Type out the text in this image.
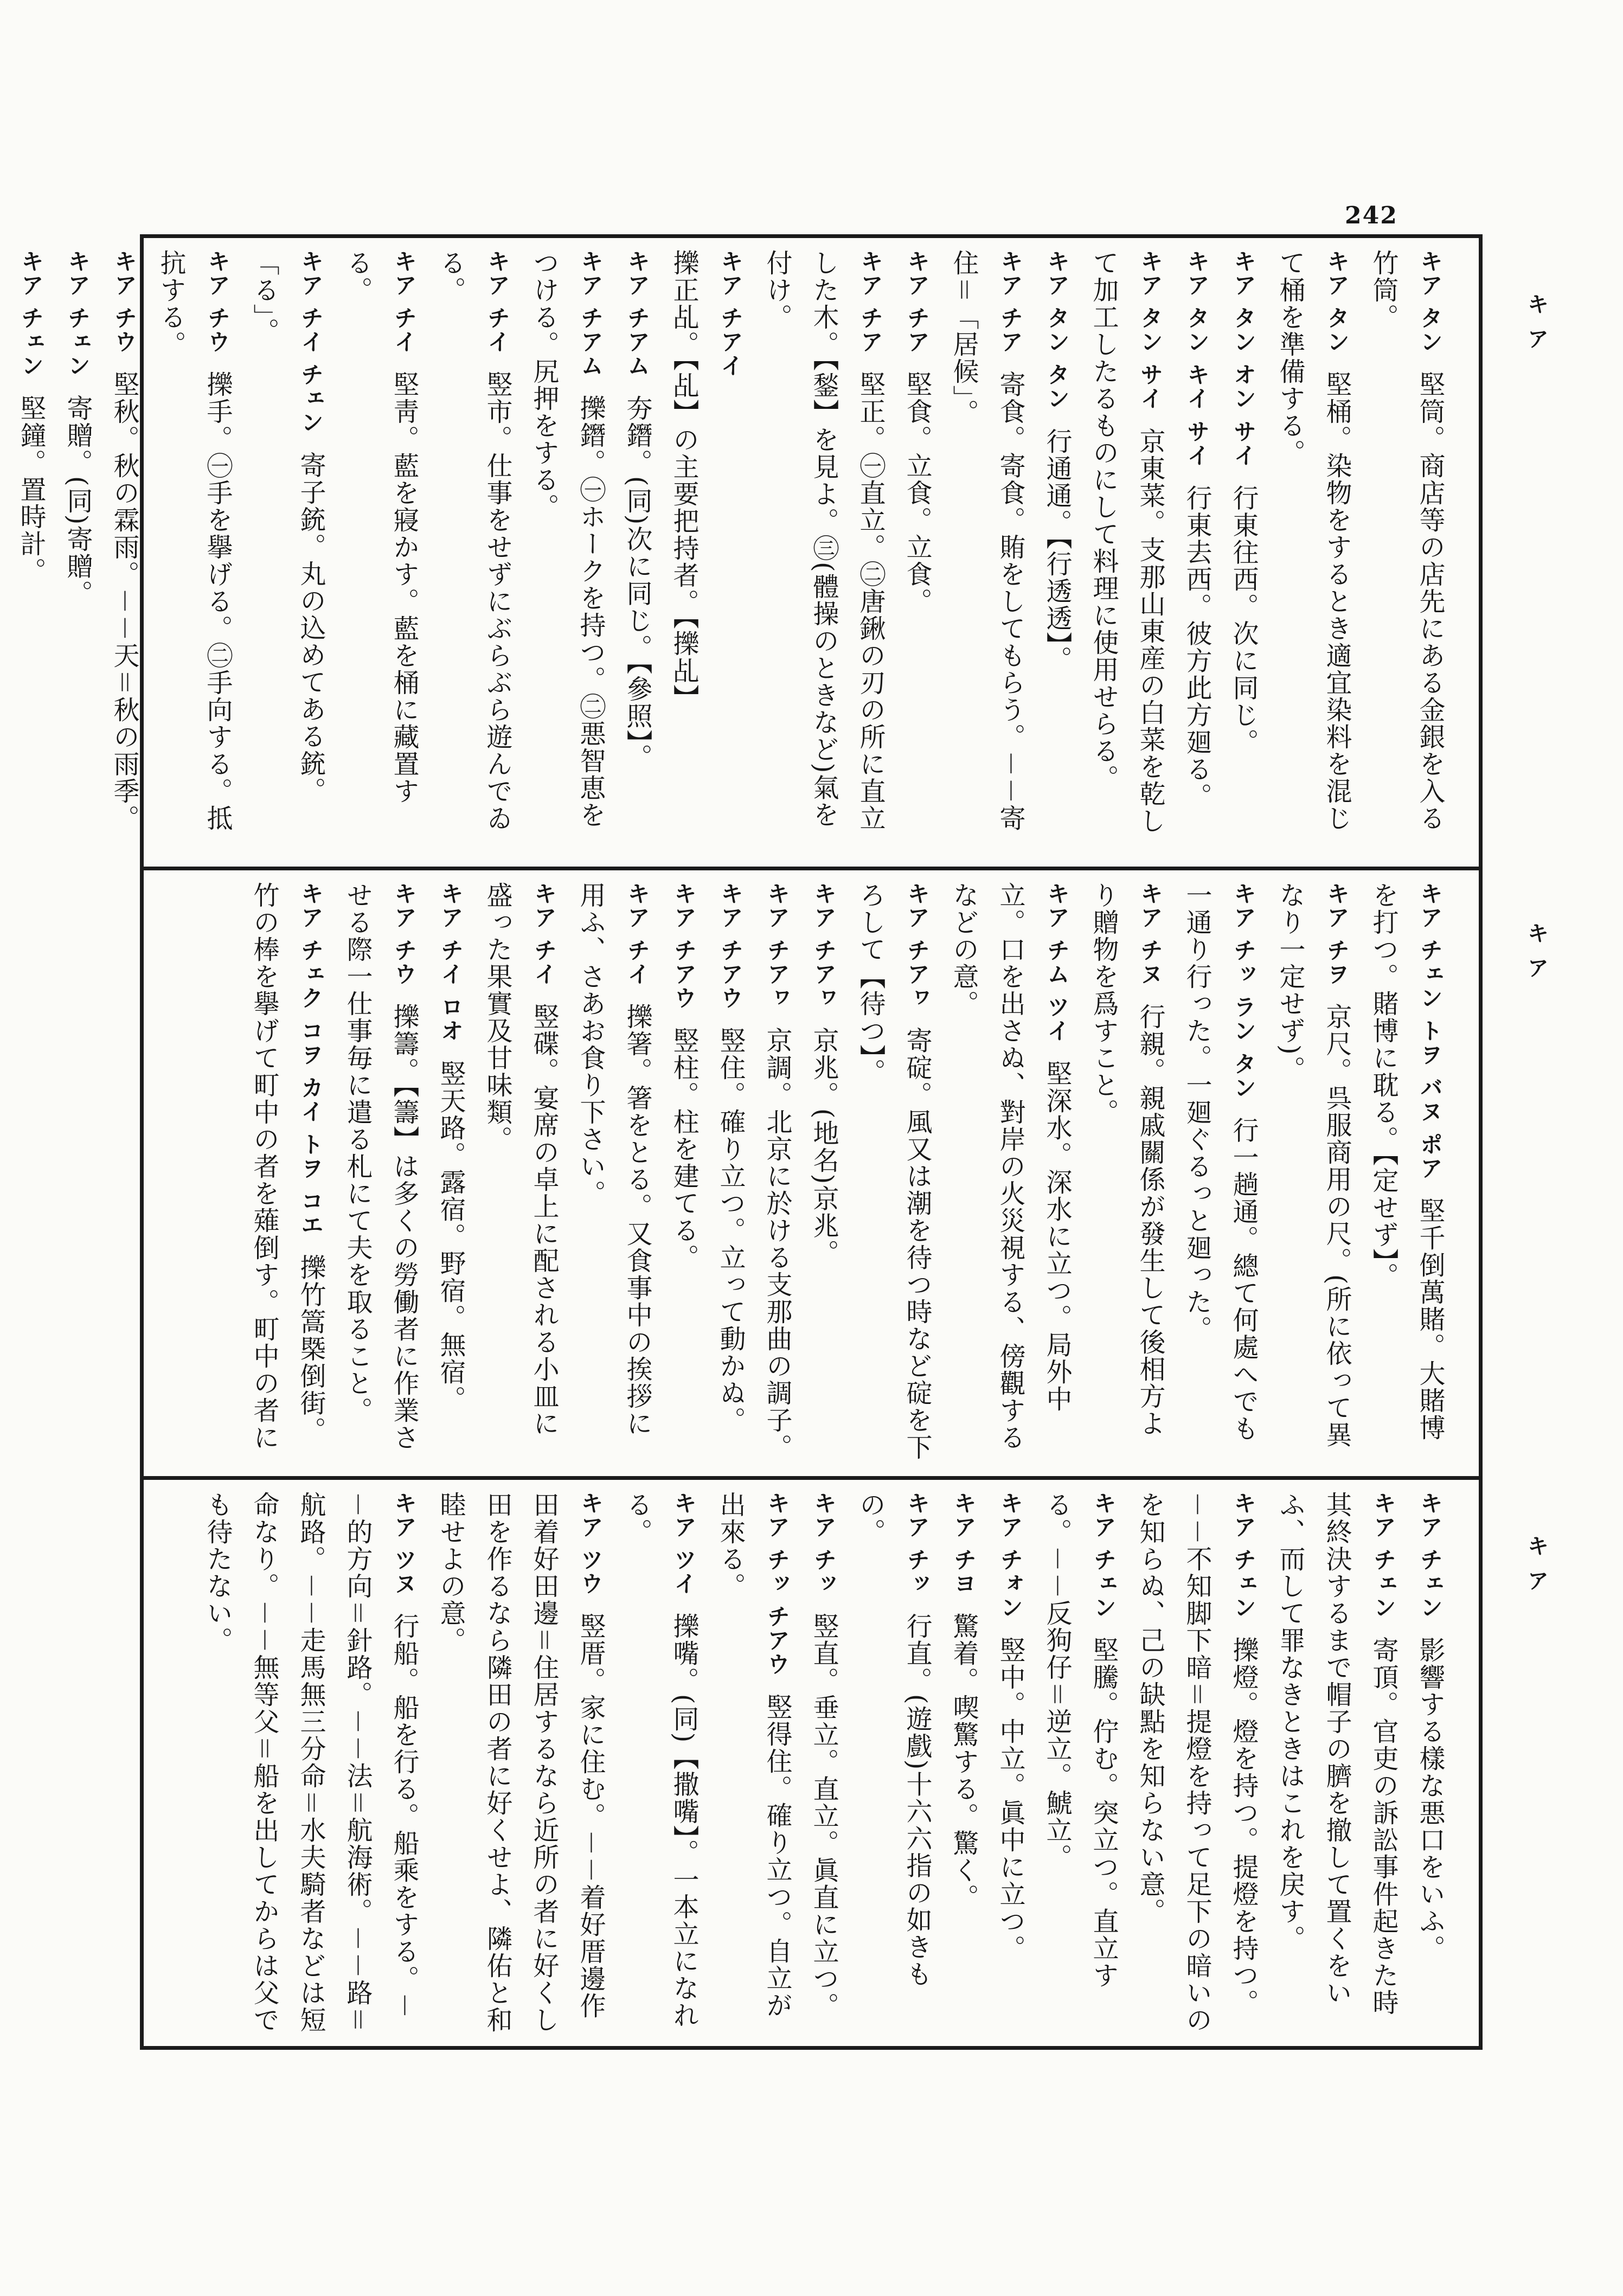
242
キア
キア
キア

キア タン 堅筒。商店等の店先にある金銀を入る竹筒。

キア タン 堅桶。染物をするとき適宜染料を混じて桶を準備する。

キア タン オン サイ 行東往西。次に同じ。

キア タン キイ サイ 行東去西。彼方此方廻る。

キア タン サイ 京東菜。支那山東産の白菜を乾して加工したるものにして料理に使用せらる。

キア タン タン 行通通。【行透透】。

キア チア 寄食。寄食。賄をしてもらう。－－寄住＝「居候」。

キア チア 堅食。立食。立食。

キア チア 堅正。㊀直立。㊁唐鍬の刃の所に直立した木。【鍫】を見よ。㊂(體操のときなど)氣を付け。

キア チアイ 擽正乩。【乩】の主要把持者。【擽乩】

キア チアム 夯鐕。(同)次に同じ。【參照】。

キア チアム 擽鐕。㊀ホークを持つ。㊁悪智恵をつける。尻押をする。

キア チイ 竪市。仕事をせずにぶらぶら遊んでゐる。

キア チイ 堅靑。藍を寢かす。藍を桶に藏置する。

キア チイ チェン 寄子銃。丸の込めてある銃。「る」。

キア チウ 擽手。㊀手を擧げる。㊁手向する。抵抗する。

キア チウ 堅秋。秋の霖雨。－－天＝秋の雨季。

キア チェン 寄贈。(同)寄贈。

キア チェン 堅鐘。置時計。

キア チェン トヲ バヌ ポア 堅千倒萬賭。大賭博を打つ。賭博に耽る。【定せず】。

キア チヲ 京尺。呉服商用の尺。(所に依って異なり一定せず)。

キア チッ ラン タン 行一趟通。總て何處へでも一通り行った。一廻ぐるっと廻った。

キア チヌ 行親。親戚關係が發生して後相方より贈物を爲すこと。

キア チム ツイ 堅深水。深水に立つ。局外中立。口を出さぬ、對岸の火災視する、傍觀するなどの意。

キア チアヮ 寄碇。風又は潮を待つ時など碇を下ろして【待つ】。

キア チアヮ 京兆。(地名)京兆。

キア チアヮ 京調。北京に於ける支那曲の調子。

キア チアウ 竪住。確り立つ。立って動かぬ。

キア チアウ 竪柱。柱を建てる。

キア チイ 擽箸。箸をとる。又食事中の挨拶に用ふ、さあお食り下さい。

キア チイ 竪碟。宴席の卓上に配される小皿に盛った果實及甘味類。

キア チイ ロオ 竪天路。露宿。野宿。無宿。

キア チウ 擽籌。【籌】は多くの勞働者に作業させる際一仕事毎に遣る札にて夫を取ること。

キア チェク コヲ カイ トヲ コエ 擽竹篙槩倒街。竹の棒を擧げて町中の者を薙倒す。町中の者に

キア チェン 影響する樣な悪口をいふ。

キア チェン 寄頂。官吏の訴訟事件起きた時其終決するまで帽子の臍を撤して置くをいふ、而して罪なきときはこれを戻す。

キア チェン 擽燈。燈を持つ。提燈を持つ。－－不知脚下暗＝提燈を持って足下の暗いのを知らぬ、己の缺點を知らない意。

キア チェン 堅騰。佇む。突立つ。直立する。－－反狗仔＝逆立。鯱立。

キア チォン 竪中。中立。眞中に立つ。

キア チヨ 驚着。喫驚する。驚く。

キア チッ 行直。(遊戲)十六六指の如きもの。

キア チッ 竪直。垂立。直立。眞直に立つ。

キア チッ チアウ 竪得住。確り立つ。自立が出來る。

キア ツイ 擽嘴。(同)【撒嘴】。一本立になれる。

キア ツウ 竪厝。家に住む。－－着好厝邊作田着好田邊＝住居するなら近所の者に好くし田を作るなら隣田の者に好くせよ、隣佑と和睦せよの意。

キア ツヌ 行船。船を行る。船乘をする。－－的方向＝針路。－－法＝航海術。－－路＝航路。－－走馬無三分命＝水夫騎者などは短命なり。－－無等父＝船を出してからは父でも待たない。
